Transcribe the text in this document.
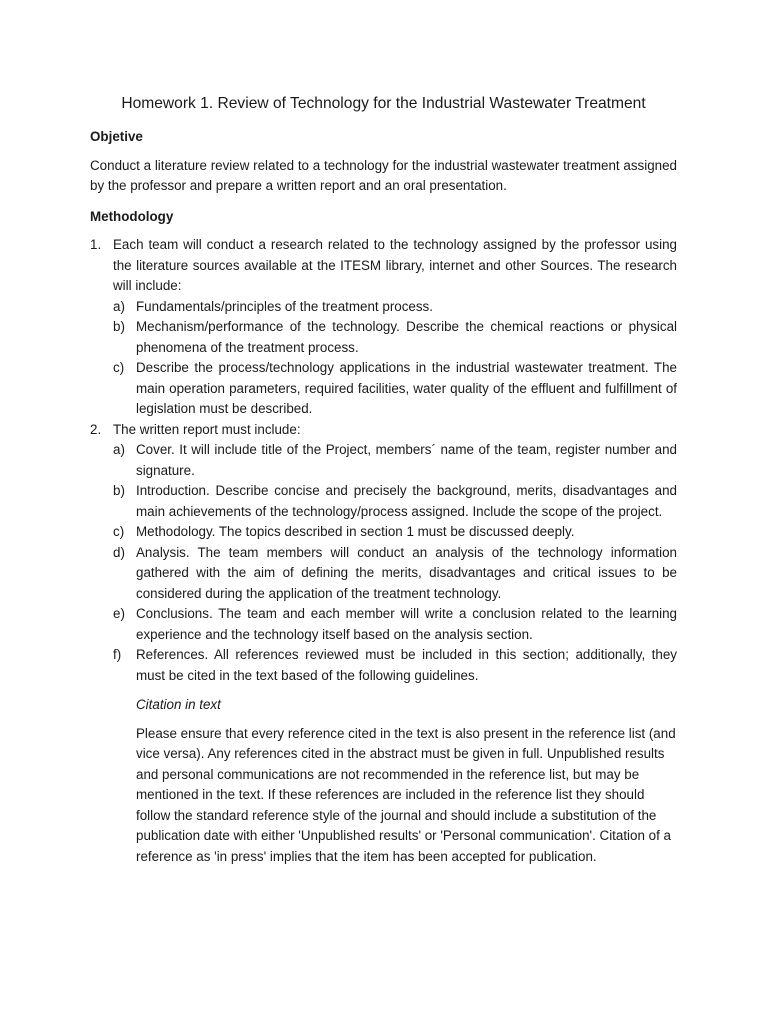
Homework 1. Review of Technology for the Industrial Wastewater Treatment
Objetive

Conduct a literature review related to a technology for the industrial wastewater treatment assigned by the professor and prepare a written report and an oral presentation.

Methodology
1. Each team will conduct a research related to the technology assigned by the professor using the literature sources available at the ITESM library, internet and other Sources. The research will include:

a) Fundamentals/principles of the treatment process.
b) Mechanism/performance of the technology. Describe the chemical reactions or physical phenomena of the treatment process.
c) Describe the process/technology applications in the industrial wastewater treatment. The main operation parameters, required facilities, water quality of the effluent and fulfillment of legislation must be described.
2. The written report must include:

a) Cover. It will include title of the Project, members´ name of the team, register number and signature.
b) Introduction. Describe concise and precisely the background, merits, disadvantages and main achievements of the technology/process assigned. Include the scope of the project.
c) Methodology. The topics described in section 1 must be discussed deeply.
d) Analysis. The team members will conduct an analysis of the technology information gathered with the aim of defining the merits, disadvantages and critical issues to be considered during the application of the treatment technology.
e) Conclusions. The team and each member will write a conclusion related to the learning experience and the technology itself based on the analysis section.
f) References. All references reviewed must be included in this section; additionally, they must be cited in the text based of the following guidelines.
Citation in text

Please ensure that every reference cited in the text is also present in the reference list (and vice versa). Any references cited in the abstract must be given in full. Unpublished results and personal communications are not recommended in the reference list, but may be mentioned in the text. If these references are included in the reference list they should follow the standard reference style of the journal and should include a substitution of the publication date with either 'Unpublished results' or 'Personal communication'. Citation of a reference as 'in press' implies that the item has been accepted for publication.
